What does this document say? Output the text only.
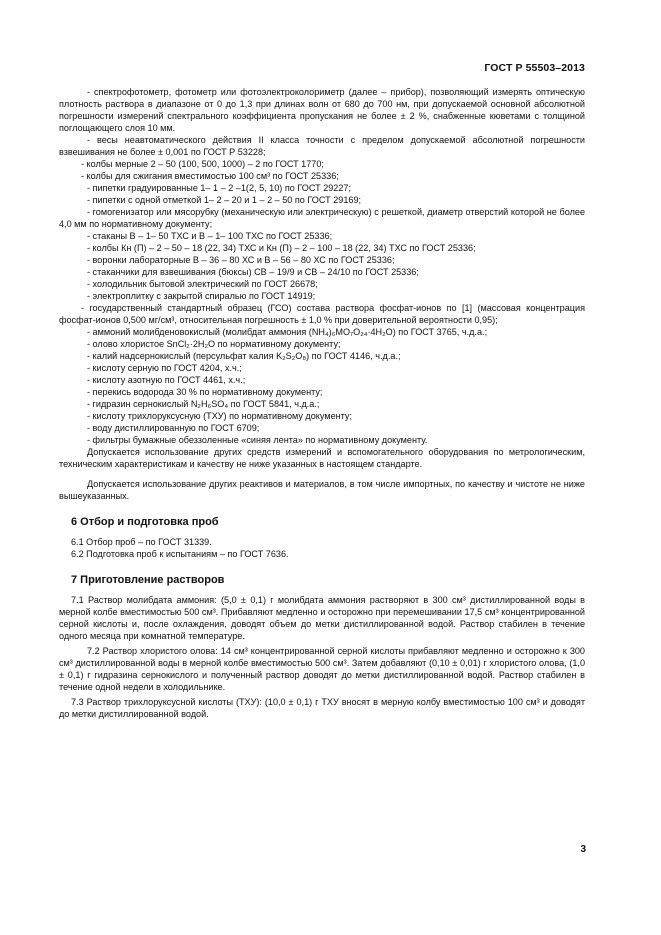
ГОСТ Р 55503–2013

- спектрофотометр, фотометр или фотоэлектроколориметр (далее – прибор), позволяющий измерять оптическую плотность раствора в диапазоне от 0 до 1,3 при длинах волн от 680 до 700 нм, при допускаемой основной абсолютной погрешности измерений спектрального коэффициента пропускания не более ± 2 %, снабженные кюветами с толщиной поглощающего слоя 10 мм.

- весы неавтоматического действия II класса точности с пределом допускаемой абсолютной погрешности взвешивания не более ± 0,001 по ГОСТ Р 53228;

- колбы мерные 2 – 50 (100, 500, 1000) – 2 по ГОСТ 1770;

- колбы для сжигания вместимостью 100 см³ по ГОСТ 25336;

- пипетки градуированные 1– 1 – 2 –1(2, 5, 10) по ГОСТ 29227;

- пипетки с одной отметкой 1– 2 – 20 и 1 – 2 – 50 по ГОСТ 29169;

- гомогенизатор или мясорубку (механическую или электрическую) с решеткой, диаметр отверстий которой не более 4,0 мм по нормативному документу;

- стаканы В – 1– 50 ТХС и В – 1– 100 ТХС по ГОСТ 25336;

- колбы Кн (П) – 2 – 50 – 18 (22, 34) ТХС и Кн (П) – 2 – 100 – 18 (22, 34) ТХС по ГОСТ 25336;

- воронки лабораторные В – 36 – 80 ХС и В – 56 – 80 ХС по ГОСТ 25336;

- стаканчики для взвешивания (бюксы) СВ – 19/9 и СВ – 24/10 по ГОСТ 25336;

- холодильник бытовой электрический по ГОСТ 26678;

- электроплитку с закрытой спиралью по ГОСТ 14919;

- государственный стандартный образец (ГСО) состава раствора фосфат-ионов по [1] (массовая концентрация фосфат-ионов 0,500 мг/см³, относительная погрешность ± 1,0 % при доверительной вероятности 0,95);

- аммоний молибденовокислый (молибдат аммония (NH₄)₆MO₇O₂₄·4H₂O) по ГОСТ 3765, ч.д.а.;

- олово хлористое SnCl₂·2H₂O по нормативному документу;

- калий надсернокислый (персульфат калия K₂S₂O₈) по ГОСТ 4146, ч.д.а.;

- кислоту серную по ГОСТ 4204, х.ч.;

- кислоту азотную по ГОСТ 4461, х.ч.;

- перекись водорода 30 % по нормативному документу;

- гидразин сернокислый N₂H₆SO₄ по ГОСТ 5841, ч.д.а.;

- кислоту трихлоруксусную (ТХУ) по нормативному документу;

- воду дистиллированную по ГОСТ 6709;

- фильтры бумажные обеззоленные «синяя лента» по нормативному документу.

Допускается использование других средств измерений и вспомогательного оборудования по метрологическим, техническим характеристикам и качеству не ниже указанных в настоящем стандарте.

Допускается использование других реактивов и материалов, в том числе импортных, по качеству и чистоте не ниже вышеуказанных.

6 Отбор и подготовка проб

6.1 Отбор проб – по ГОСТ 31339.

6.2 Подготовка проб к испытаниям – по ГОСТ 7636.

7 Приготовление растворов

7.1 Раствор молибдата аммония: (5,0 ± 0,1) г молибдата аммония растворяют в 300 см³ дистиллированной воды в мерной колбе вместимостью 500 см³. Прибавляют медленно и осторожно при перемешивании 17,5 см³ концентрированной серной кислоты и, после охлаждения, доводят объем до метки дистиллированной водой. Раствор стабилен в течение одного месяца при комнатной температуре.

7.2 Раствор хлористого олова: 14 см³ концентрированной серной кислоты прибавляют медленно и осторожно к 300 см³ дистиллированной воды в мерной колбе вместимостью 500 см³. Затем добавляют (0,10 ± 0,01) г хлористого олова, (1,0 ± 0,1) г гидразина сернокислого и полученный раствор доводят до метки дистиллированной водой. Раствор стабилен в течение одной недели в холодильнике.

7.3 Раствор трихлоруксусной кислоты (ТХУ): (10,0 ± 0,1) г ТХУ вносят в мерную колбу вместимостью 100 см³ и доводят до метки дистиллированной водой.

3
